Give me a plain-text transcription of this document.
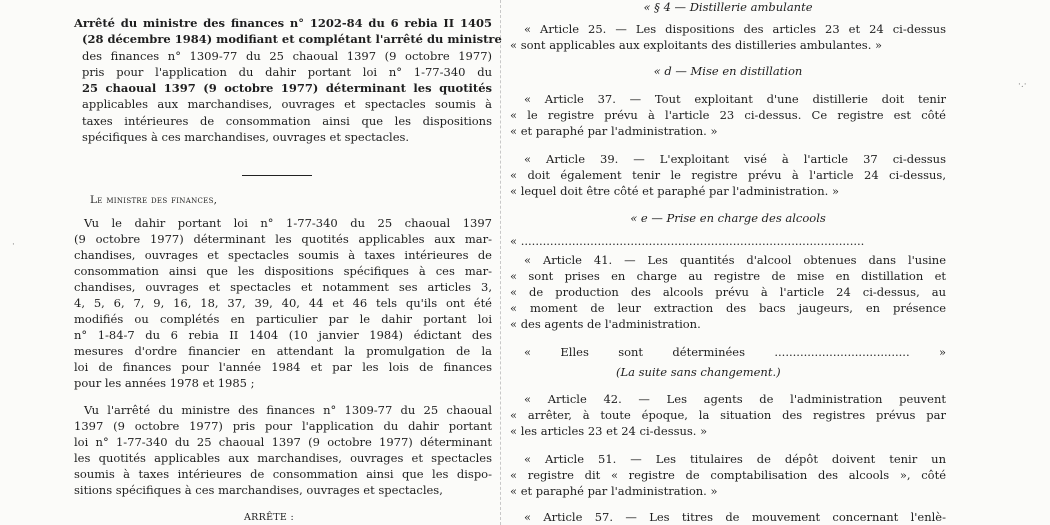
·.·
·

Arrêté du ministre des finances n° 1202-84 du 6 rebia II 1405

(28 décembre 1984) modifiant et complétant l'arrêté du ministre

des finances n° 1309-77 du 25 chaoual 1397 (9 octobre 1977)

pris pour l'application du dahir portant loi n° 1-77-340 du

25 chaoual 1397 (9 octobre 1977) déterminant les quotités

applicables aux marchandises, ouvrages et spectacles soumis à

taxes intérieures de consommation ainsi que les dispositions

spécifiques à ces marchandises, ouvrages et spectacles.

Le ministre des finances,

Vu le dahir portant loi n° 1-77-340 du 25 chaoual 1397

(9 octobre 1977) déterminant les quotités applicables aux mar-

chandises, ouvrages et spectacles soumis à taxes intérieures de

consommation ainsi que les dispositions spécifiques à ces mar-

chandises, ouvrages et spectacles et notamment ses articles 3,

4, 5, 6, 7, 9, 16, 18, 37, 39, 40, 44 et 46 tels qu'ils ont été

modifiés ou complétés en particulier par le dahir portant loi

n° 1-84-7 du 6 rebia II 1404 (10 janvier 1984) édictant des

mesures d'ordre financier en attendant la promulgation de la

loi de finances pour l'année 1984 et par les lois de finances

pour les années 1978 et 1985 ;

Vu l'arrêté du ministre des finances n° 1309-77 du 25 chaoual

1397 (9 octobre 1977) pris pour l'application du dahir portant

loi n° 1-77-340 du 25 chaoual 1397 (9 octobre 1977) déterminant

les quotités applicables aux marchandises, ouvrages et spectacles

soumis à taxes intérieures de consommation ainsi que les dispo-

sitions spécifiques à ces marchandises, ouvrages et spectacles,

ARRÊTE :

« § 4 — Distillerie ambulante

« Article 25. — Les dispositions des articles 23 et 24 ci-dessus

« sont applicables aux exploitants des distilleries ambulantes. »

« d — Mise en distillation

« Article 37. — Tout exploitant d'une distillerie doit tenir

« le registre prévu à l'article 23 ci-dessus. Ce registre est côté

« et paraphé par l'administration. »

« Article 39. — L'exploitant visé à l'article 37 ci-dessus

« doit également tenir le registre prévu à l'article 24 ci-dessus,

« lequel doit être côté et paraphé par l'administration. »

« e — Prise en charge des alcools

« ..............................................................................................

« Article 41. — Les quantités d'alcool obtenues dans l'usine

« sont prises en charge au registre de mise en distillation et

« de production des alcools prévu à l'article 24 ci-dessus, au

« moment de leur extraction des bacs jaugeurs, en présence

« des agents de l'administration.

« Elles sont déterminées ..................................... »

(La suite sans changement.)

« Article 42. — Les agents de l'administration peuvent

« arrêter, à toute époque, la situation des registres prévus par

« les articles 23 et 24 ci-dessus. »

« Article 51. — Les titulaires de dépôt doivent tenir un

« registre dit « registre de comptabilisation des alcools », côté

« et paraphé par l'administration. »

« Article 57. — Les titres de mouvement concernant l'enlè-
